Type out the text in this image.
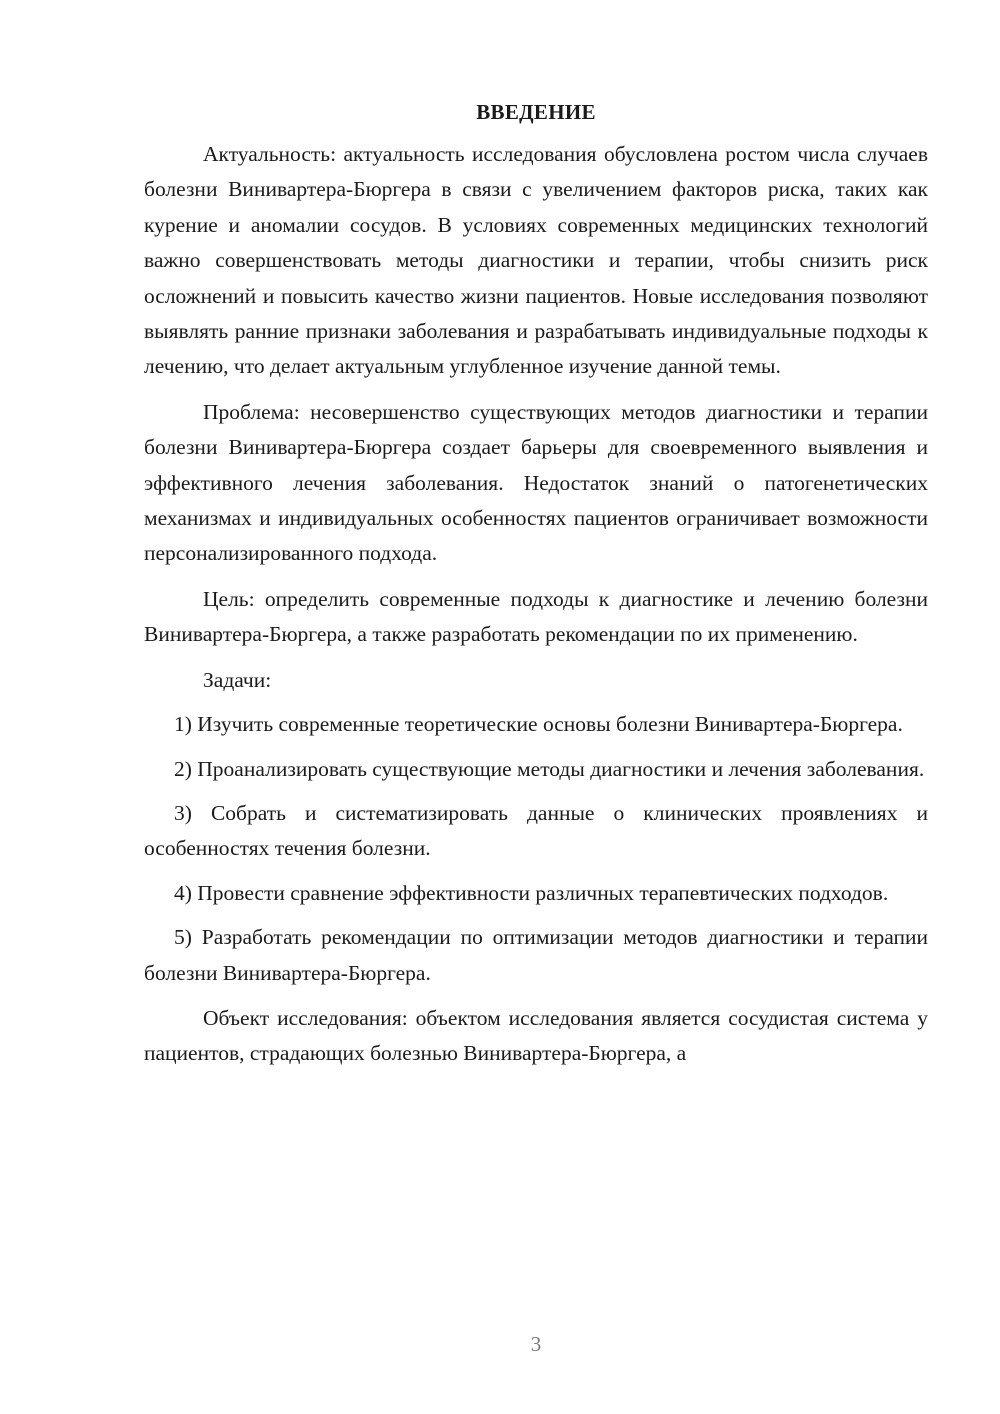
ВВЕДЕНИЕ

Актуальность: актуальность исследования обусловлена ростом числа случаев болезни Винивартера-Бюргера в связи с увеличением факторов риска, таких как курение и аномалии сосудов. В условиях современных медицинских технологий важно совершенствовать методы диагностики и терапии, чтобы снизить риск осложнений и повысить качество жизни пациентов. Новые исследования позволяют выявлять ранние признаки заболевания и разрабатывать индивидуальные подходы к лечению, что делает актуальным углубленное изучение данной темы.

Проблема: несовершенство существующих методов диагностики и терапии болезни Винивартера-Бюргера создает барьеры для своевременного выявления и эффективного лечения заболевания. Недостаток знаний о патогенетических механизмах и индивидуальных особенностях пациентов ограничивает возможности персонализированного подхода.

Цель: определить современные подходы к диагностике и лечению болезни Винивартера-Бюргера, а также разработать рекомендации по их применению.

Задачи:

1) Изучить современные теоретические основы болезни Винивартера-Бюргера.

2) Проанализировать существующие методы диагностики и лечения заболевания.

3) Собрать и систематизировать данные о клинических проявлениях и особенностях течения болезни.

4) Провести сравнение эффективности различных терапевтических подходов.

5) Разработать рекомендации по оптимизации методов диагностики и терапии болезни Винивартера-Бюргера.

Объект исследования: объектом исследования является сосудистая система у пациентов, страдающих болезнью Винивартера-Бюргера, а

3
